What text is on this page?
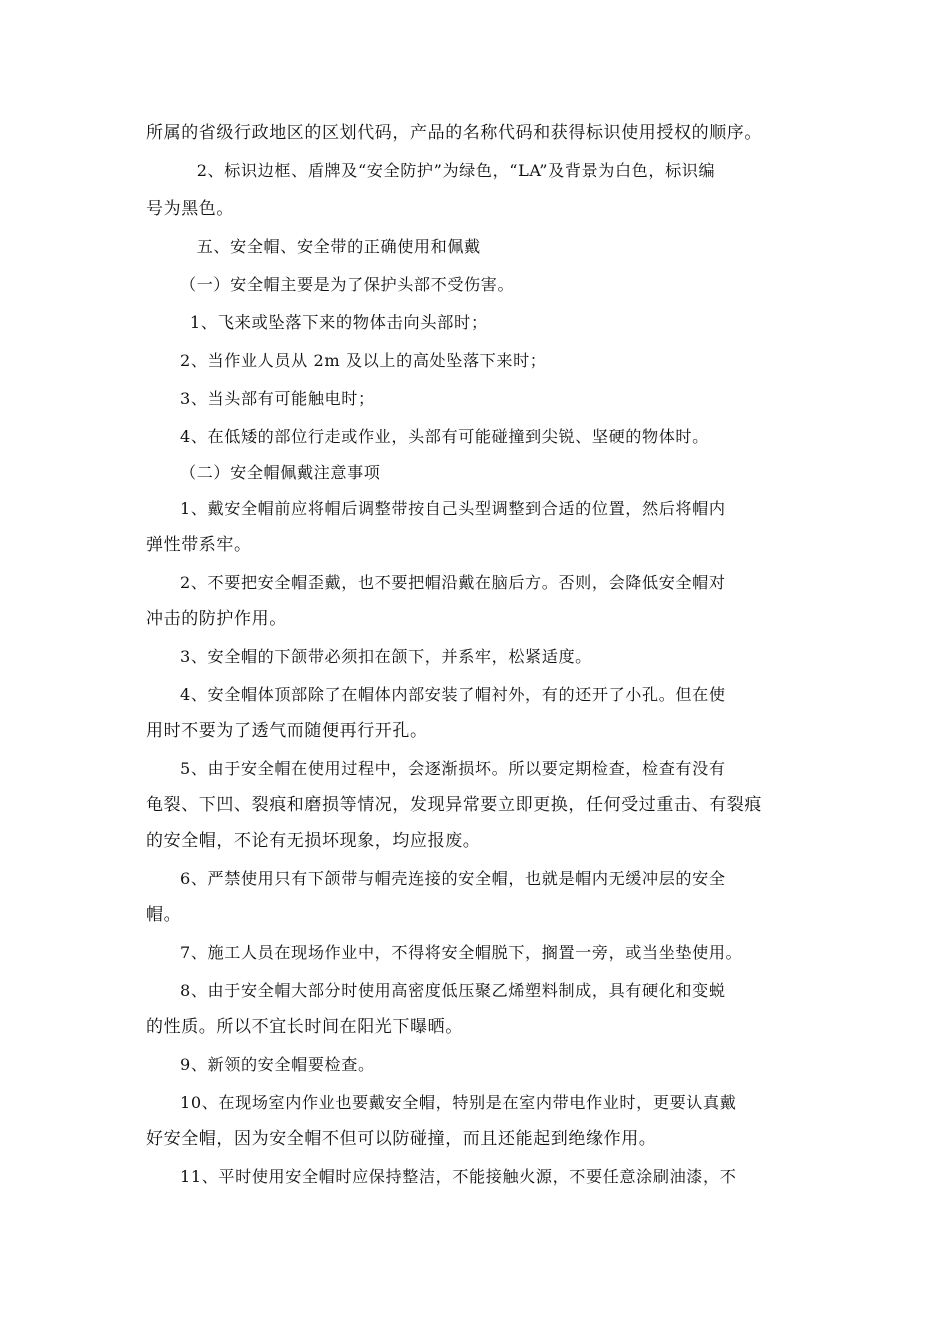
所属的省级行政地区的区划代码，产品的名称代码和获得标识使用授权的顺序。
　2、标识边框、盾牌及“安全防护”为绿色，“LA”及背景为白色，标识编
号为黑色。
　五、安全帽、安全带的正确使用和佩戴
（一）安全帽主要是为了保护头部不受伤害。
　1、飞来或坠落下来的物体击向头部时；
2、当作业人员从 2m 及以上的高处坠落下来时；
3、当头部有可能触电时；
4、在低矮的部位行走或作业，头部有可能碰撞到尖锐、坚硬的物体时。
（二）安全帽佩戴注意事项
1、戴安全帽前应将帽后调整带按自己头型调整到合适的位置，然后将帽内
弹性带系牢。
2、不要把安全帽歪戴，也不要把帽沿戴在脑后方。否则，会降低安全帽对
冲击的防护作用。
3、安全帽的下颌带必须扣在颌下，并系牢，松紧适度。
4、安全帽体顶部除了在帽体内部安装了帽衬外，有的还开了小孔。但在使
用时不要为了透气而随便再行开孔。
5、由于安全帽在使用过程中，会逐渐损坏。所以要定期检查，检查有没有
龟裂、下凹、裂痕和磨损等情况，发现异常要立即更换，任何受过重击、有裂痕
的安全帽，不论有无损坏现象，均应报废。
6、严禁使用只有下颌带与帽壳连接的安全帽，也就是帽内无缓冲层的安全
帽。
7、施工人员在现场作业中，不得将安全帽脱下，搁置一旁，或当坐垫使用。
8、由于安全帽大部分时使用高密度低压聚乙烯塑料制成，具有硬化和变蜕
的性质。所以不宜长时间在阳光下曝晒。
9、新领的安全帽要检查。
10、在现场室内作业也要戴安全帽，特别是在室内带电作业时，更要认真戴
好安全帽，因为安全帽不但可以防碰撞，而且还能起到绝缘作用。
11、平时使用安全帽时应保持整洁，不能接触火源，不要任意涂刷油漆，不
